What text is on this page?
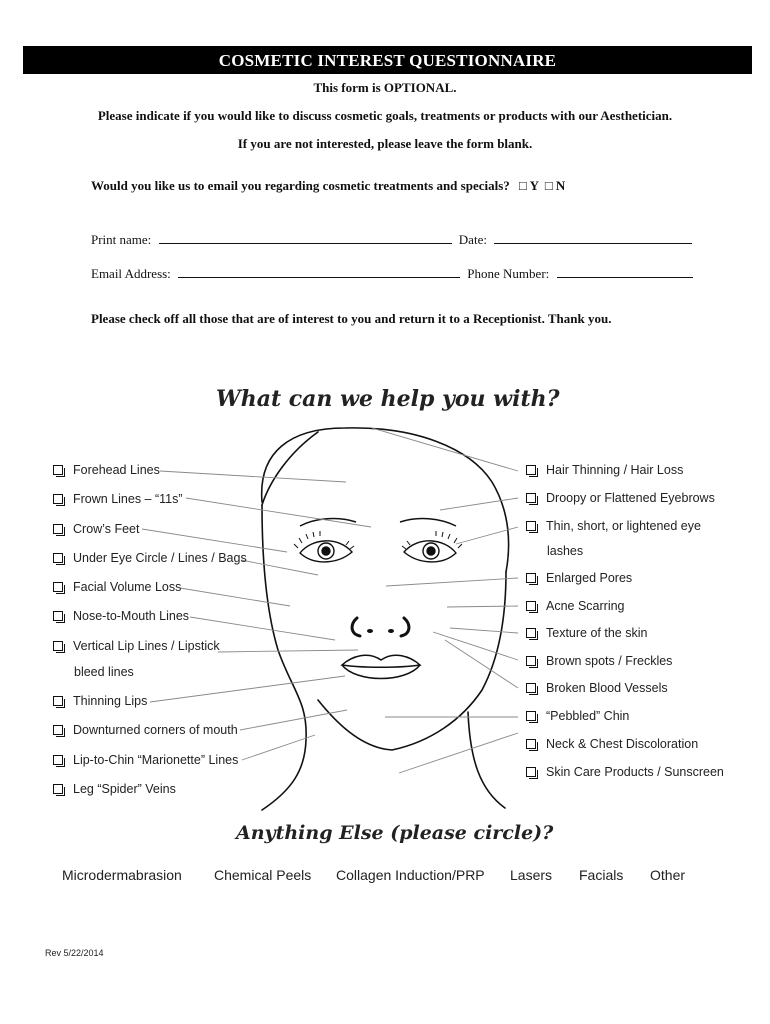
COSMETIC INTEREST QUESTIONNAIRE
This form is OPTIONAL.
Please indicate if you would like to discuss cosmetic goals, treatments or products with our Aesthetician.
If you are not interested, please leave the form blank.
Would you like us to email you regarding cosmetic treatments and specials? □ Y □ N
Print name:	Date:
Email Address:	Phone Number:
Please check off all those that are of interest to you and return it to a Receptionist. Thank you.
What can we help you with?
Forehead Lines
Frown Lines – “11s”
Crow’s Feet
Under Eye Circle / Lines / Bags
Facial Volume Loss
Nose-to-Mouth Lines
Vertical Lip Lines / Lipstick
bleed lines
Thinning Lips
Downturned corners of mouth
Lip-to-Chin “Marionette” Lines
Leg “Spider” Veins
Hair Thinning / Hair Loss
Droopy or Flattened Eyebrows
Thin, short, or lightened eye
lashes
Enlarged Pores
Acne Scarring
Texture of the skin
Brown spots / Freckles
Broken Blood Vessels
“Pebbled” Chin
Neck & Chest Discoloration
Skin Care Products / Sunscreen
Anything Else (please circle)?
Microdermabrasion Chemical Peels Collagen Induction/PRP Lasers Facials Other
Rev 5/22/2014
